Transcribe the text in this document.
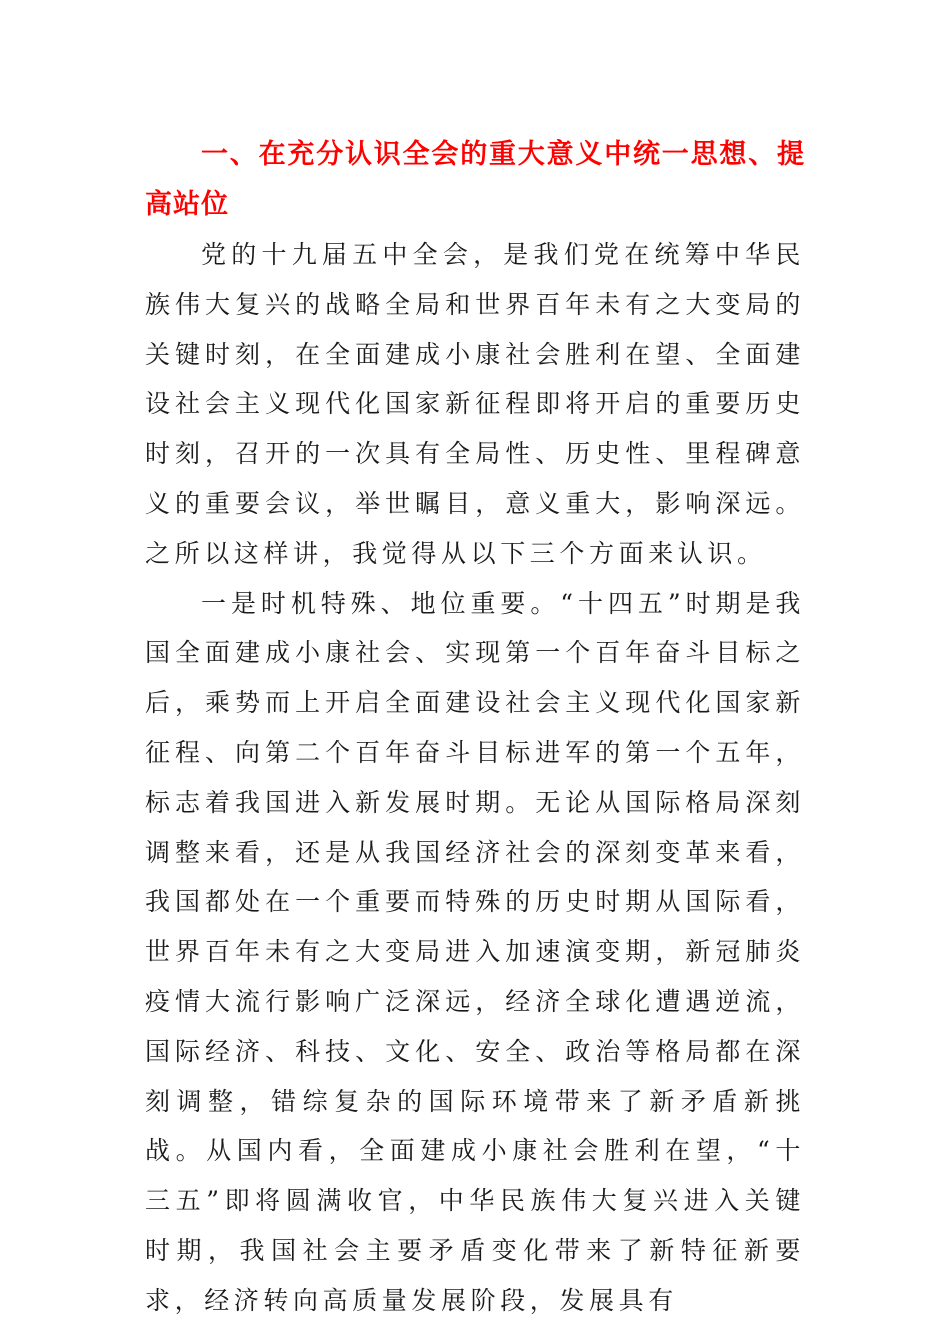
一、在充分认识全会的重大意义中统一思想、提高站位

党的十九届五中全会，是我们党在统筹中华民族伟大复兴的战略全局和世界百年未有之大变局的关键时刻，在全面建成小康社会胜利在望、全面建设社会主义现代化国家新征程即将开启的重要历史时刻，召开的一次具有全局性、历史性、里程碑意义的重要会议，举世瞩目，意义重大，影响深远。之所以这样讲，我觉得从以下三个方面来认识。

一是时机特殊、地位重要。“十四五”时期是我国全面建成小康社会、实现第一个百年奋斗目标之后，乘势而上开启全面建设社会主义现代化国家新征程、向第二个百年奋斗目标进军的第一个五年，标志着我国进入新发展时期。无论从国际格局深刻调整来看，还是从我国经济社会的深刻变革来看，我国都处在一个重要而特殊的历史时期从国际看，世界百年未有之大变局进入加速演变期，新冠肺炎疫情大流行影响广泛深远，经济全球化遭遇逆流，国际经济、科技、文化、安全、政治等格局都在深刻调整，错综复杂的国际环境带来了新矛盾新挑战。从国内看，全面建成小康社会胜利在望，“十三五”即将圆满收官，中华民族伟大复兴进入关键时期，我国社会主要矛盾变化带来了新特征新要求，经济转向高质量发展阶段，发展具有
